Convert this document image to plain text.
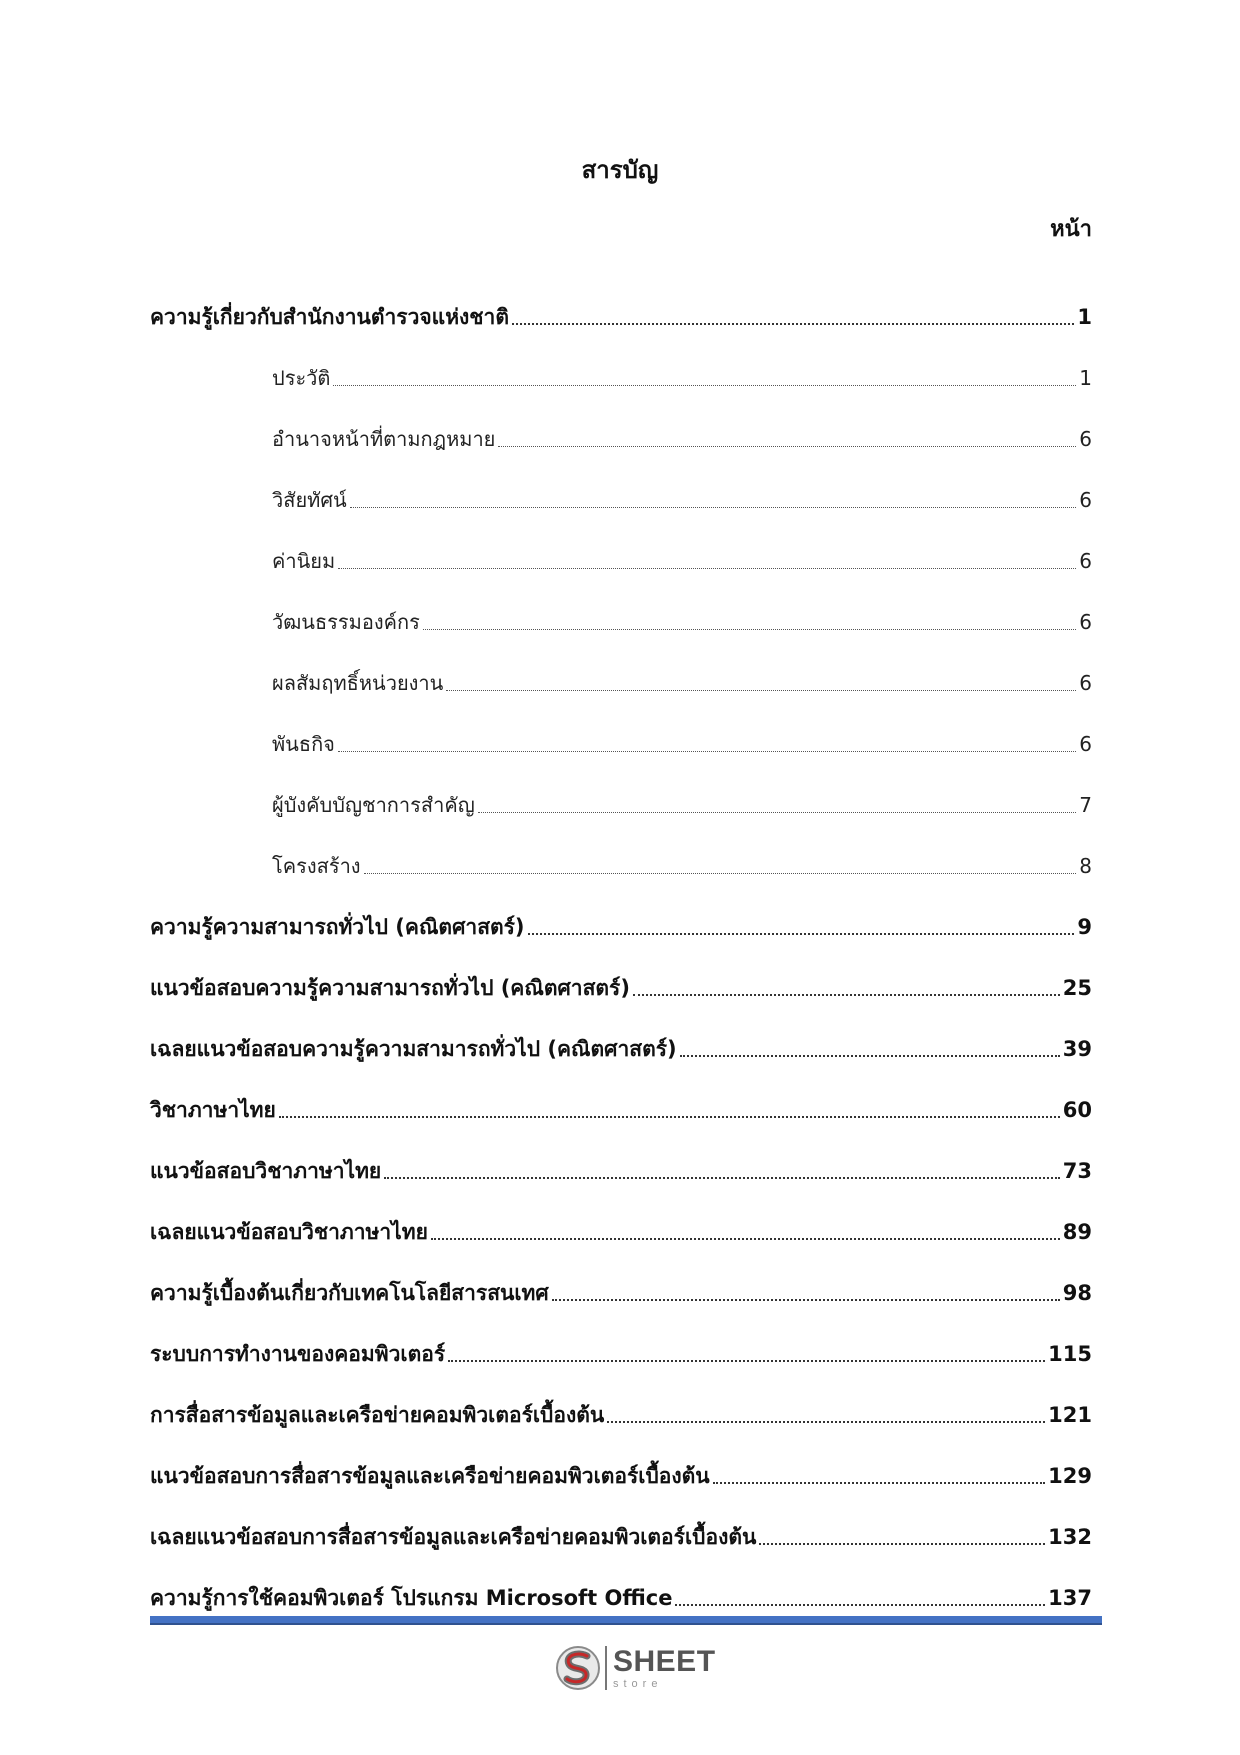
สารบัญ
หน้า
ความรู้เกี่ยวกับสำนักงานตำรวจแห่งชาติ	1
ประวัติ	1
อำนาจหน้าที่ตามกฎหมาย	6
วิสัยทัศน์	6
ค่านิยม	6
วัฒนธรรมองค์กร	6
ผลสัมฤทธิ์หน่วยงาน	6
พันธกิจ	6
ผู้บังคับบัญชาการสำคัญ	7
โครงสร้าง	8
ความรู้ความสามารถทั่วไป (คณิตศาสตร์)	9
แนวข้อสอบความรู้ความสามารถทั่วไป (คณิตศาสตร์)	25
เฉลยแนวข้อสอบความรู้ความสามารถทั่วไป (คณิตศาสตร์)	39
วิชาภาษาไทย	60
แนวข้อสอบวิชาภาษาไทย	73
เฉลยแนวข้อสอบวิชาภาษาไทย	89
ความรู้เบื้องต้นเกี่ยวกับเทคโนโลยีสารสนเทศ	98
ระบบการทำงานของคอมพิวเตอร์	115
การสื่อสารข้อมูลและเครือข่ายคอมพิวเตอร์เบื้องต้น	121
แนวข้อสอบการสื่อสารข้อมูลและเครือข่ายคอมพิวเตอร์เบื้องต้น	129
เฉลยแนวข้อสอบการสื่อสารข้อมูลและเครือข่ายคอมพิวเตอร์เบื้องต้น	132
ความรู้การใช้คอมพิวเตอร์ โปรแกรม Microsoft Office	137
SHEET
store
